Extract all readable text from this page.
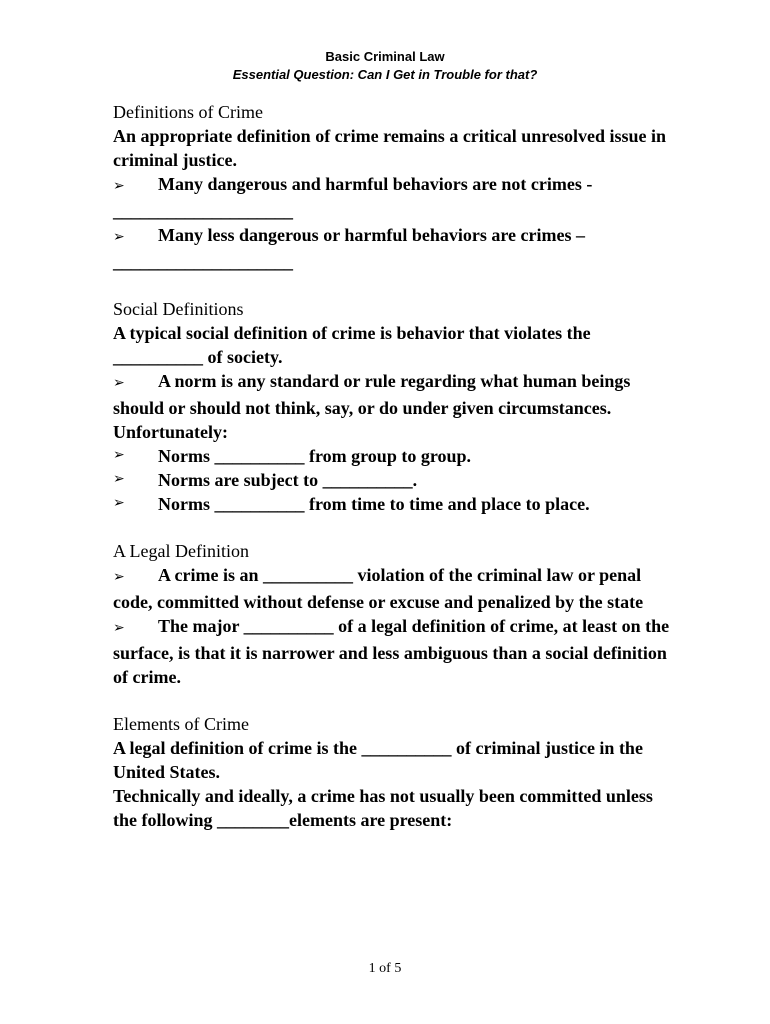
Basic Criminal Law
Essential Question: Can I Get in Trouble for that?

Definitions of Crime

An appropriate definition of crime remains a critical unresolved issue in criminal justice.

➢ Many dangerous and harmful behaviors are not crimes -

____________________

➢ Many less dangerous or harmful behaviors are crimes –

____________________

Social Definitions

A typical social definition of crime is behavior that violates the __________ of society.

➢ A norm is any standard or rule regarding what human beings should or should not think, say, or do under given circumstances. Unfortunately:

➢	Norms __________ from group to group.

➢	Norms are subject to __________.

➢	Norms __________ from time to time and place to place.

A Legal Definition

➢ A crime is an __________ violation of the criminal law or penal code, committed without defense or excuse and penalized by the state

➢ The major __________ of a legal definition of crime, at least on the surface, is that it is narrower and less ambiguous than a social definition of crime.

Elements of Crime

A legal definition of crime is the __________ of criminal justice in the United States.

Technically and ideally, a crime has not usually been committed unless the following ________elements are present:

1 of 5
